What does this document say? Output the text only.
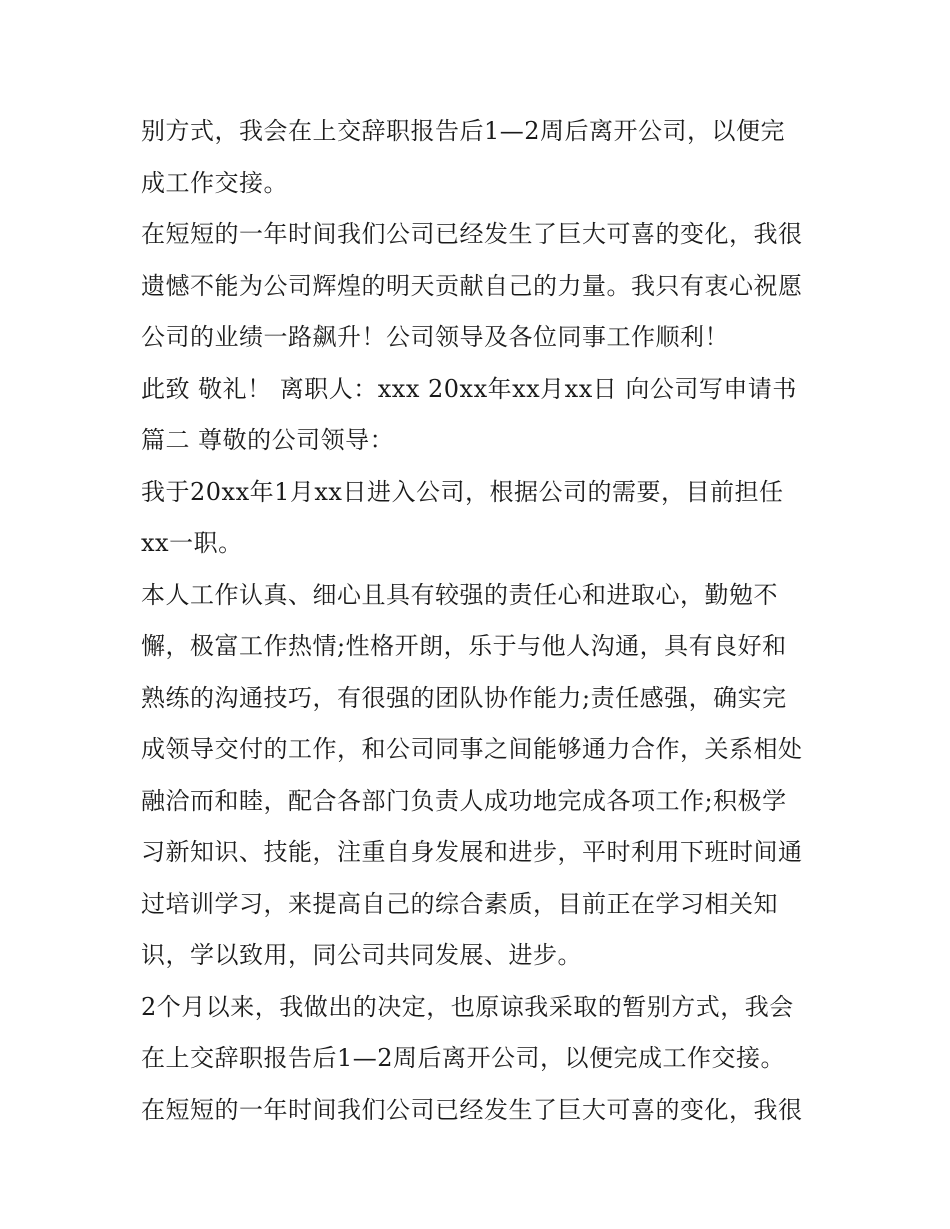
别方式，我会在上交辞职报告后1—2周后离开公司，以便完
成工作交接。
在短短的一年时间我们公司已经发生了巨大可喜的变化，我很
遗憾不能为公司辉煌的明天贡献自己的力量。我只有衷心祝愿
公司的业绩一路飙升！公司领导及各位同事工作顺利！
此致 敬礼！ 离职人：xxx 20xx年xx月xx日 向公司写申请书
篇二 尊敬的公司领导：
我于20xx年1月xx日进入公司，根据公司的需要，目前担任
xx一职。
本人工作认真、细心且具有较强的责任心和进取心，勤勉不
懈，极富工作热情;性格开朗，乐于与他人沟通，具有良好和
熟练的沟通技巧，有很强的团队协作能力;责任感强，确实完
成领导交付的工作，和公司同事之间能够通力合作，关系相处
融洽而和睦，配合各部门负责人成功地完成各项工作;积极学
习新知识、技能，注重自身发展和进步，平时利用下班时间通
过培训学习，来提高自己的综合素质，目前正在学习相关知
识，学以致用，同公司共同发展、进步。
2个月以来，我做出的决定，也原谅我采取的暂别方式，我会
在上交辞职报告后1—2周后离开公司，以便完成工作交接。
在短短的一年时间我们公司已经发生了巨大可喜的变化，我很
